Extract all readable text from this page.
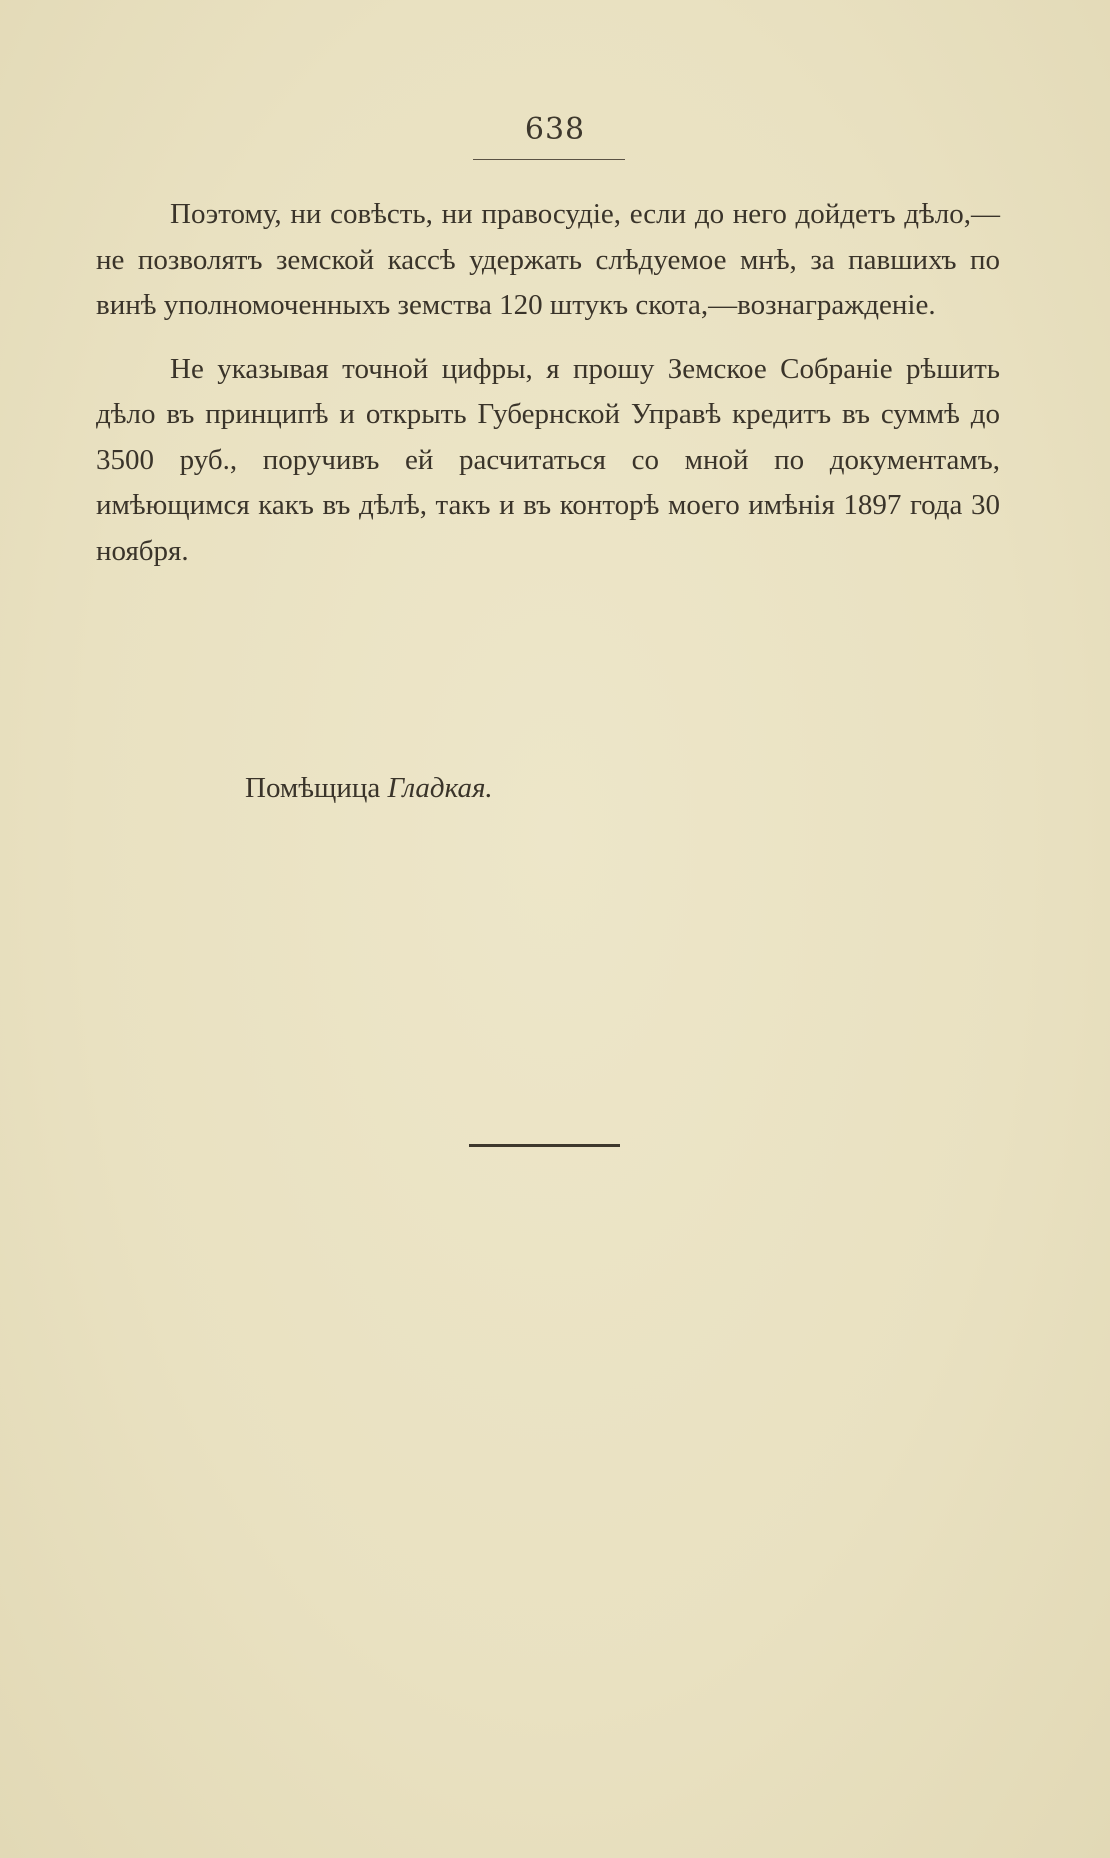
638

Поэтому, ни совѣсть, ни правосудіе, если до него дойдетъ дѣло,—не позволятъ земской кассѣ удержать слѣдуемое мнѣ, за павшихъ по винѣ уполномоченныхъ земства 120 штукъ скота,—вознагражденіе.

Не указывая точной цифры, я прошу Земское Собраніе рѣшить дѣло въ принципѣ и открыть Губернской Управѣ кредитъ въ суммѣ до 3500 руб., поручивъ ей расчитаться со мной по документамъ, имѣющимся какъ въ дѣлѣ, такъ и въ конторѣ моего имѣнія 1897 года 30 ноября.

Помѣщица Гладкая.
